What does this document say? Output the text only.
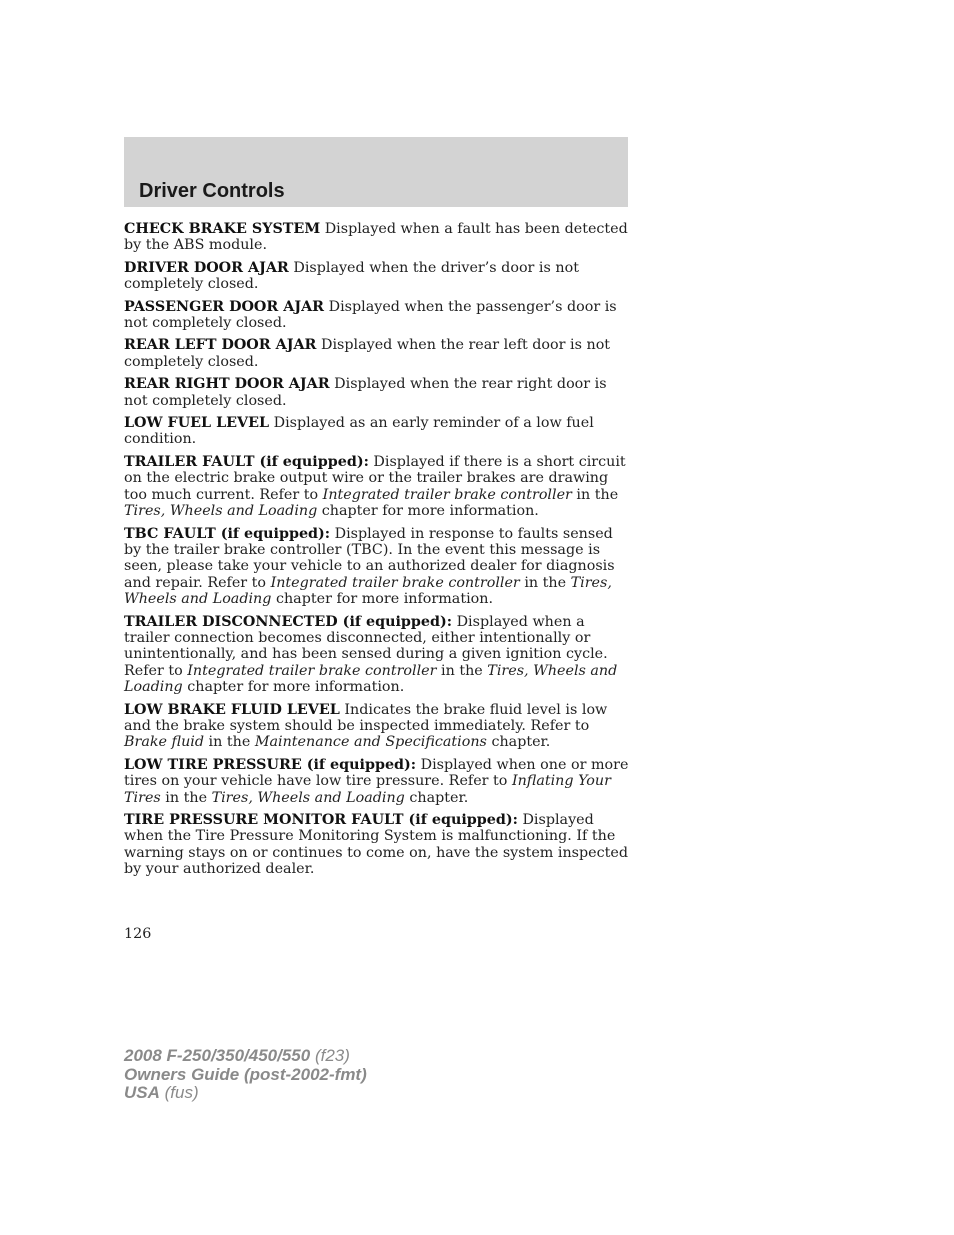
Driver Controls

CHECK BRAKE SYSTEM Displayed when a fault has been detected by the ABS module.

DRIVER DOOR AJAR Displayed when the driver’s door is not completely closed.

PASSENGER DOOR AJAR Displayed when the passenger’s door is not completely closed.

REAR LEFT DOOR AJAR Displayed when the rear left door is not completely closed.

REAR RIGHT DOOR AJAR Displayed when the rear right door is not completely closed.

LOW FUEL LEVEL Displayed as an early reminder of a low fuel condition.

TRAILER FAULT (if equipped): Displayed if there is a short circuit on the electric brake output wire or the trailer brakes are drawing too much current. Refer to Integrated trailer brake controller in the Tires, Wheels and Loading chapter for more information.

TBC FAULT (if equipped): Displayed in response to faults sensed by the trailer brake controller (TBC). In the event this message is seen, please take your vehicle to an authorized dealer for diagnosis and repair. Refer to Integrated trailer brake controller in the Tires, Wheels and Loading chapter for more information.

TRAILER DISCONNECTED (if equipped): Displayed when a trailer connection becomes disconnected, either intentionally or unintentionally, and has been sensed during a given ignition cycle. Refer to Integrated trailer brake controller in the Tires, Wheels and Loading chapter for more information.

LOW BRAKE FLUID LEVEL Indicates the brake fluid level is low and the brake system should be inspected immediately. Refer to Brake fluid in the Maintenance and Specifications chapter.

LOW TIRE PRESSURE (if equipped): Displayed when one or more tires on your vehicle have low tire pressure. Refer to Inflating Your Tires in the Tires, Wheels and Loading chapter.

TIRE PRESSURE MONITOR FAULT (if equipped): Displayed when the Tire Pressure Monitoring System is malfunctioning. If the warning stays on or continues to come on, have the system inspected by your authorized dealer.

126
2008 F-250/350/450/550 (f23)
Owners Guide (post-2002-fmt)
USA (fus)
